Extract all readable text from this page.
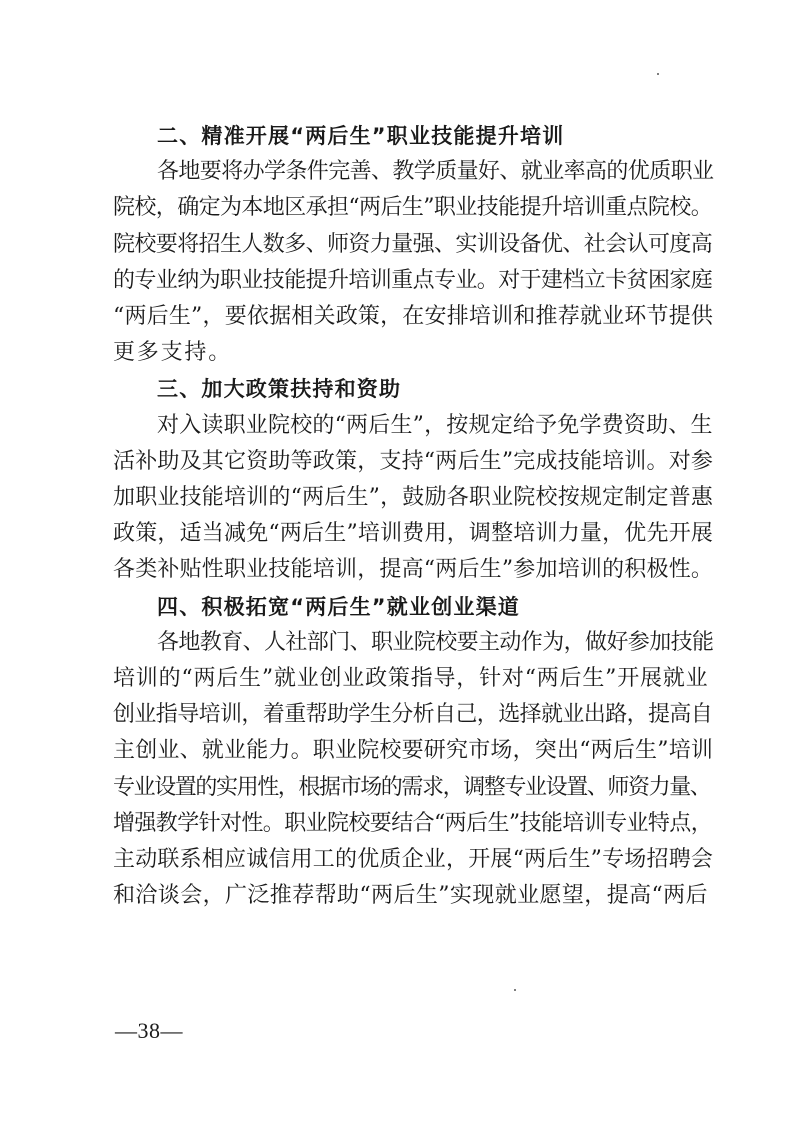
二、精准开展“两后生”职业技能提升培训
各地要将办学条件完善、教学质量好、就业率高的优质职业
院校，确定为本地区承担“两后生”职业技能提升培训重点院校。
院校要将招生人数多、师资力量强、实训设备优、社会认可度高
的专业纳为职业技能提升培训重点专业。对于建档立卡贫困家庭
“两后生”，要依据相关政策，在安排培训和推荐就业环节提供
更多支持。
三、加大政策扶持和资助
对入读职业院校的“两后生”，按规定给予免学费资助、生
活补助及其它资助等政策，支持“两后生”完成技能培训。对参
加职业技能培训的“两后生”，鼓励各职业院校按规定制定普惠
政策，适当减免“两后生”培训费用，调整培训力量，优先开展
各类补贴性职业技能培训，提高“两后生”参加培训的积极性。
四、积极拓宽“两后生”就业创业渠道
各地教育、人社部门、职业院校要主动作为，做好参加技能
培训的“两后生”就业创业政策指导，针对“两后生”开展就业
创业指导培训，着重帮助学生分析自己，选择就业出路，提高自
主创业、就业能力。职业院校要研究市场，突出“两后生”培训
专业设置的实用性，根据市场的需求，调整专业设置、师资力量、
增强教学针对性。职业院校要结合“两后生”技能培训专业特点，
主动联系相应诚信用工的优质企业，开展“两后生”专场招聘会
和洽谈会，广泛推荐帮助“两后生”实现就业愿望，提高“两后
—38—
